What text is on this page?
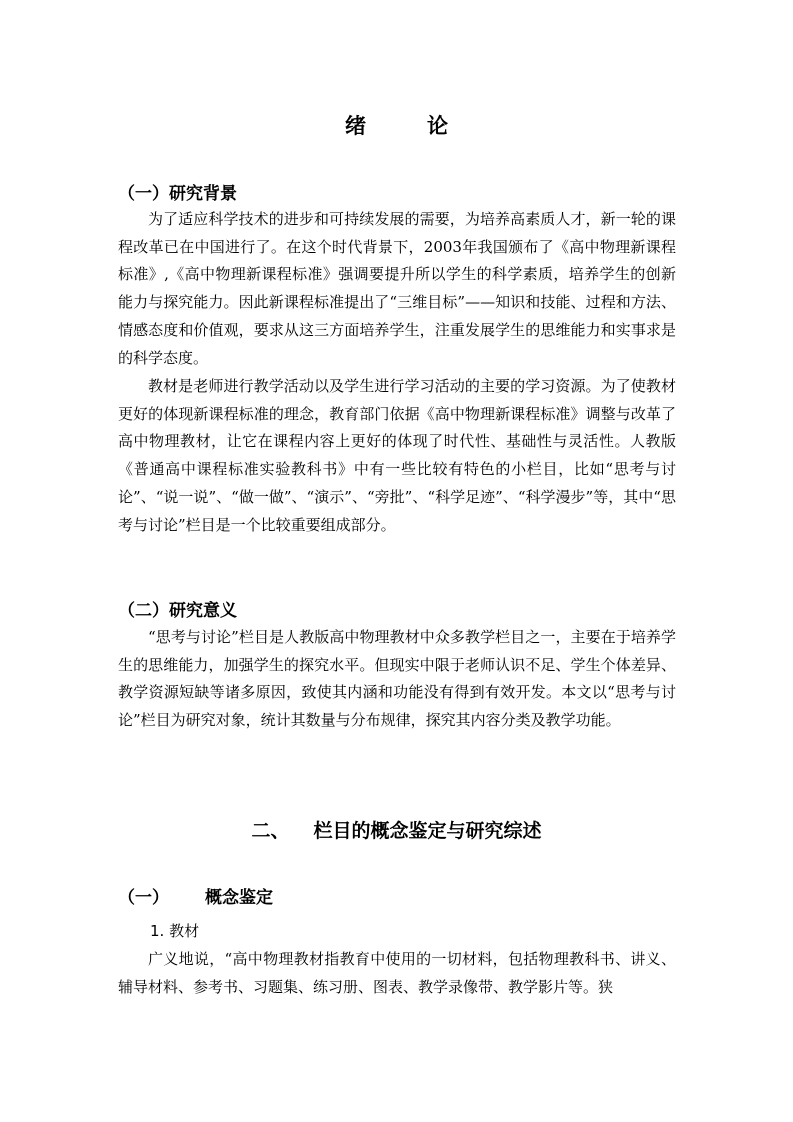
绪　论
（一）研究背景

为了适应科学技术的进步和可持续发展的需要，为培养高素质人才，新一轮的课程改革已在中国进行了。在这个时代背景下，2003年我国颁布了《高中物理新课程标准》,《高中物理新课程标准》强调要提升所以学生的科学素质，培养学生的创新能力与探究能力。因此新课程标准提出了“三维目标”——知识和技能、过程和方法、情感态度和价值观，要求从这三方面培养学生，注重发展学生的思维能力和实事求是的科学态度。

教材是老师进行教学活动以及学生进行学习活动的主要的学习资源。为了使教材更好的体现新课程标准的理念，教育部门依据《高中物理新课程标准》调整与改革了高中物理教材，让它在课程内容上更好的体现了时代性、基础性与灵活性。人教版《普通高中课程标准实验教科书》中有一些比较有特色的小栏目，比如“思考与讨论”、“说一说”、“做一做”、“演示”、“旁批”、“科学足迹”、“科学漫步”等，其中“思考与讨论”栏目是一个比较重要组成部分。

（二）研究意义

“思考与讨论”栏目是人教版高中物理教材中众多教学栏目之一，主要在于培养学生的思维能力，加强学生的探究水平。但现实中限于老师认识不足、学生个体差异、教学资源短缺等诸多原因，致使其内涵和功能没有得到有效开发。本文以“思考与讨论”栏目为研究对象，统计其数量与分布规律，探究其内容分类及教学功能。

二、 栏目的概念鉴定与研究综述
（一） 概念鉴定
1. 教材

广义地说，“高中物理教材指教育中使用的一切材料，包括物理教科书、讲义、辅导材料、参考书、习题集、练习册、图表、教学录像带、教学影片等。狭
